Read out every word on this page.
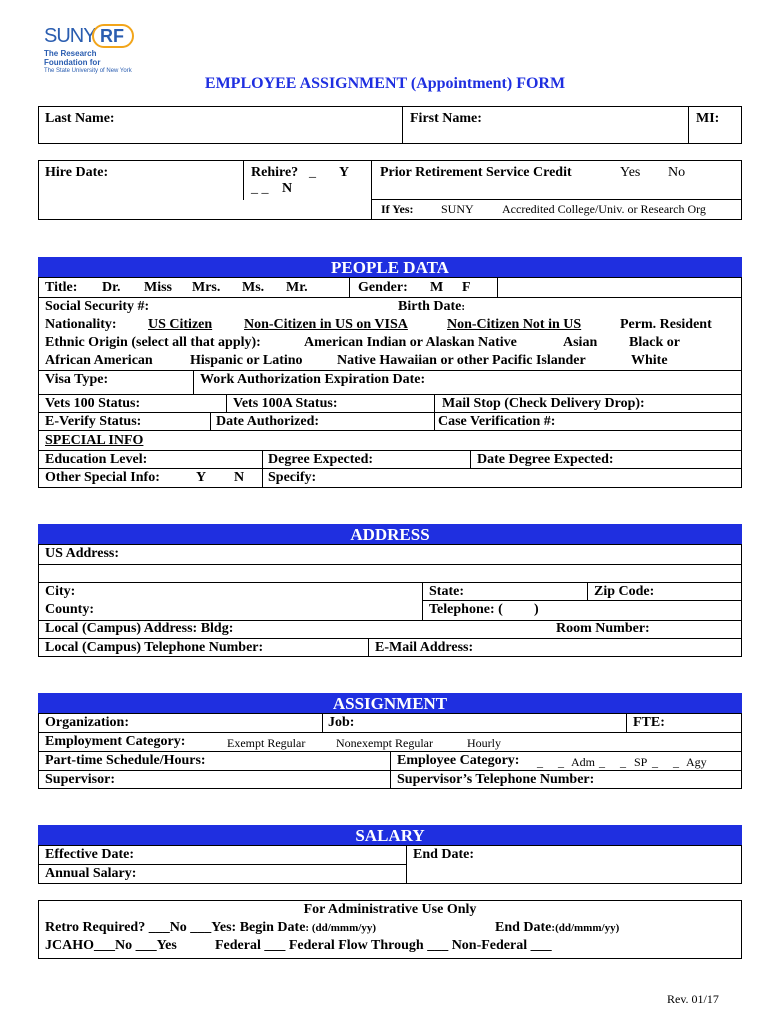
SUNY RF
The Research
Foundation for
The State University of New York
EMPLOYEE ASSIGNMENT (Appointment) FORM
Last Name:	First Name:	MI:
Hire Date:	Rehire? _ Y
_ _ N
Prior Retirement Service Credit	Yes No
If Yes: SUNY Accredited College/Univ. or Research Org
PEOPLE DATA
Title: Dr. Miss Mrs. Ms. Mr.	Gender: M F
Social Security #:	Birth Date:
Nationality: US Citizen Non-Citizen in US on VISA	Non-Citizen Not in US	Perm. Resident
Ethnic Origin (select all that apply):	American Indian or Alaskan Native	Asian Black or
African American	Hispanic or Latino Native Hawaiian or other Pacific Islander	White
Visa Type:	Work Authorization Expiration Date:
Vets 100 Status:	Vets 100A Status:	Mail Stop (Check Delivery Drop):
E-Verify Status:	Date Authorized:	Case Verification #:
SPECIAL INFO
Education Level:	Degree Expected:	Date Degree Expected:
Other Special Info:	Y N Specify:
ADDRESS
US Address:
City:	State:	Zip Code:
County:	Telephone: ( )
Local (Campus) Address: Bldg:	Room Number:
Local (Campus) Telephone Number:	E-Mail Address:
ASSIGNMENT
Organization:	Job:	FTE:
Employment Category:	Exempt Regular	Nonexempt Regular	Hourly
Part-time Schedule/Hours:	Employee Category: _     _ Adm _     _ SP _     _ Agy
Supervisor:	Supervisor’s Telephone Number:
SALARY
Effective Date:	End Date:
Annual Salary:
For Administrative Use Only
Retro Required? ___No ___Yes: Begin Date: (dd/mmm/yy)	End Date:(dd/mmm/yy)
JCAHO___No ___Yes	Federal ___ Federal Flow Through ___ Non-Federal ___
Rev. 01/17
